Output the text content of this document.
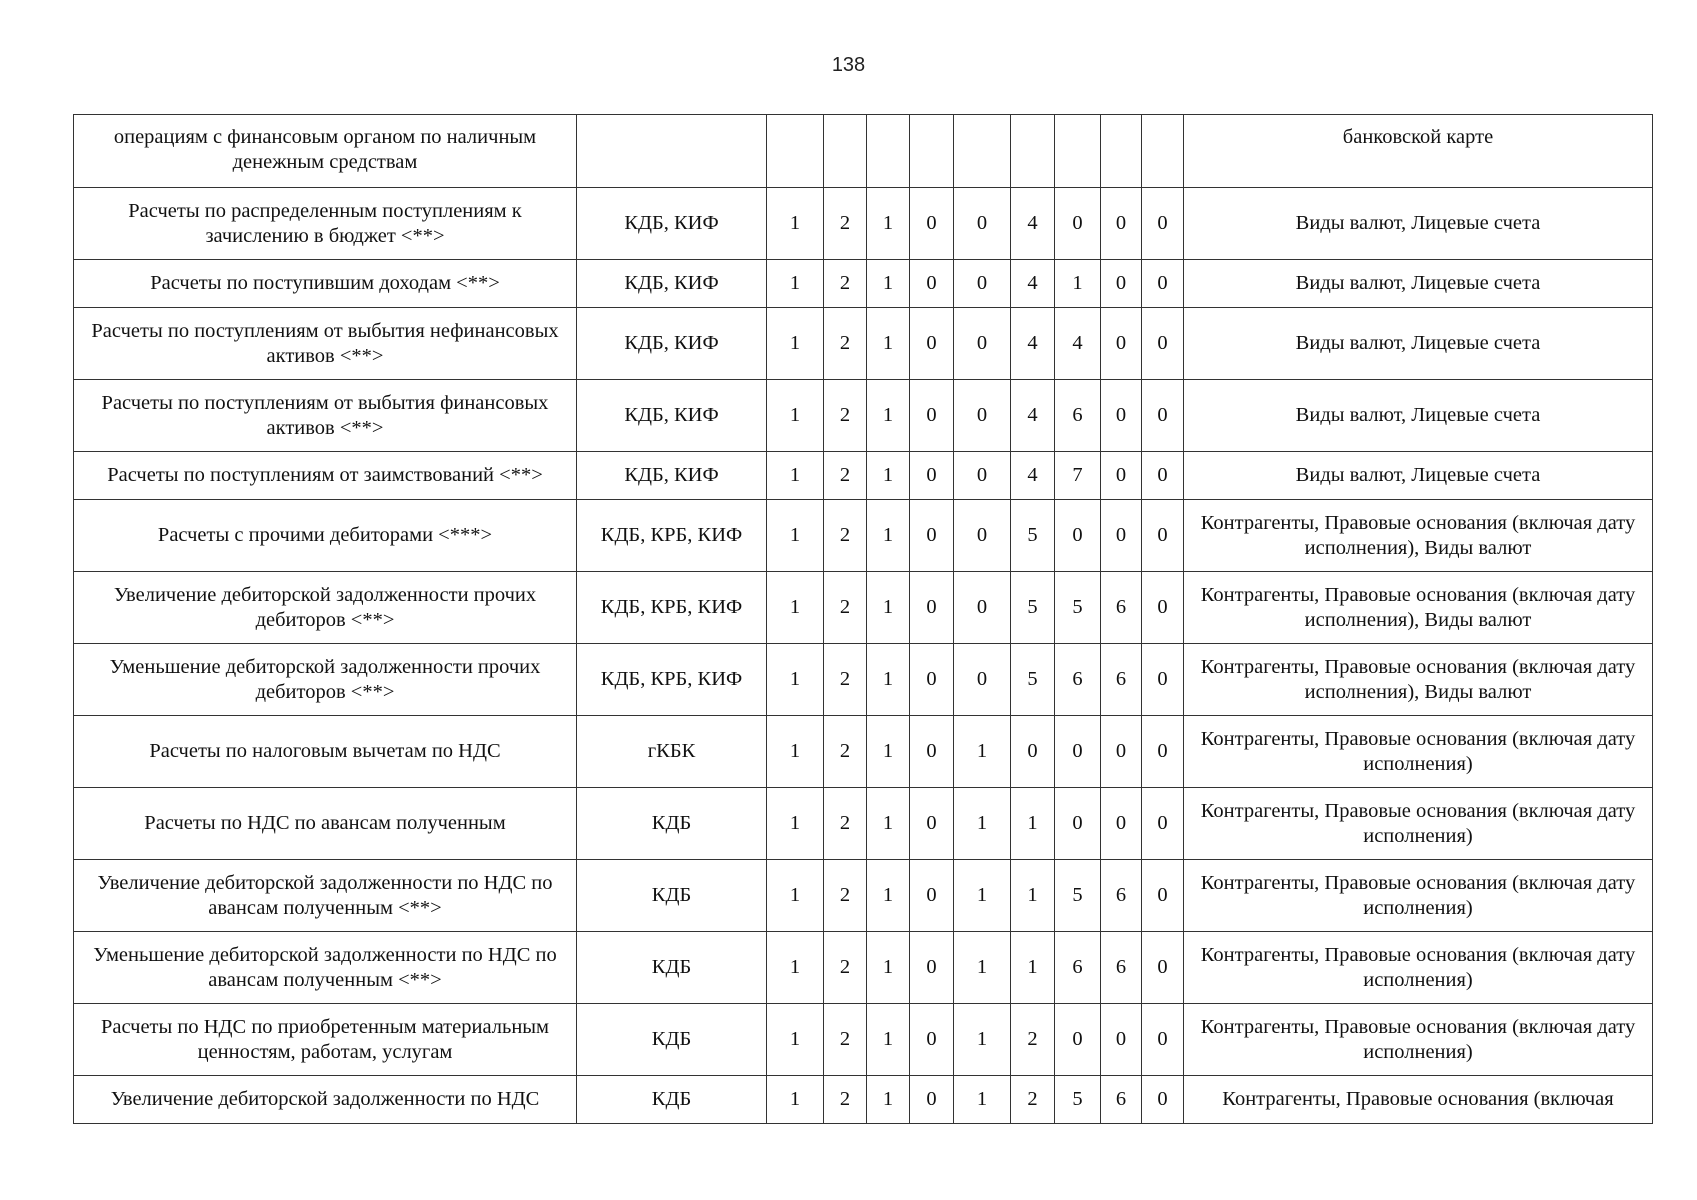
138
операциям с финансовым органом по наличным денежным средствам											банковской карте
Расчеты по распределенным поступлениям к зачислению в бюджет <**>	КДБ, КИФ	1	2	1	0	0	4	0	0	0	Виды валют, Лицевые счета
Расчеты по поступившим доходам <**>	КДБ, КИФ	1	2	1	0	0	4	1	0	0	Виды валют, Лицевые счета
Расчеты по поступлениям от выбытия нефинансовых активов <**>	КДБ, КИФ	1	2	1	0	0	4	4	0	0	Виды валют, Лицевые счета
Расчеты по поступлениям от выбытия финансовых активов <**>	КДБ, КИФ	1	2	1	0	0	4	6	0	0	Виды валют, Лицевые счета
Расчеты по поступлениям от заимствований <**>	КДБ, КИФ	1	2	1	0	0	4	7	0	0	Виды валют, Лицевые счета
Расчеты с прочими дебиторами <***>	КДБ, КРБ, КИФ	1	2	1	0	0	5	0	0	0	Контрагенты, Правовые основания (включая дату исполнения), Виды валют
Увеличение дебиторской задолженности прочих дебиторов <**>	КДБ, КРБ, КИФ	1	2	1	0	0	5	5	6	0	Контрагенты, Правовые основания (включая дату исполнения), Виды валют
Уменьшение дебиторской задолженности прочих дебиторов <**>	КДБ, КРБ, КИФ	1	2	1	0	0	5	6	6	0	Контрагенты, Правовые основания (включая дату исполнения), Виды валют
Расчеты по налоговым вычетам по НДС	гКБК	1	2	1	0	1	0	0	0	0	Контрагенты, Правовые основания (включая дату исполнения)
Расчеты по НДС по авансам полученным	КДБ	1	2	1	0	1	1	0	0	0	Контрагенты, Правовые основания (включая дату исполнения)
Увеличение дебиторской задолженности по НДС по авансам полученным <**>	КДБ	1	2	1	0	1	1	5	6	0	Контрагенты, Правовые основания (включая дату исполнения)
Уменьшение дебиторской задолженности по НДС по авансам полученным <**>	КДБ	1	2	1	0	1	1	6	6	0	Контрагенты, Правовые основания (включая дату исполнения)
Расчеты по НДС по приобретенным материальным ценностям, работам, услугам	КДБ	1	2	1	0	1	2	0	0	0	Контрагенты, Правовые основания (включая дату исполнения)
Увеличение дебиторской задолженности по НДС	КДБ	1	2	1	0	1	2	5	6	0	Контрагенты, Правовые основания (включая
